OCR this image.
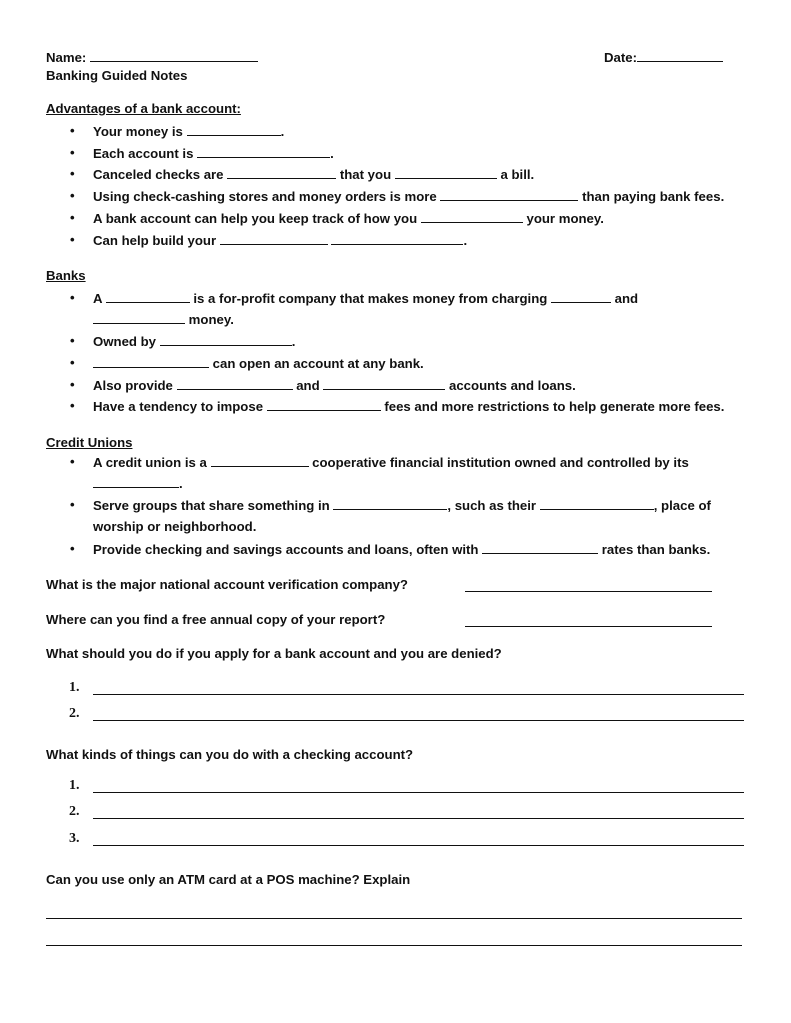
Name:	Date:
Banking Guided Notes
Advantages of a bank account:
• Your money is	.
• Each account is	.
• Canceled checks are	that you	a bill.
• Using check-cashing stores and money orders is more	than paying bank fees.
• A bank account can help you keep track of how you	your money.
• Can help build your	.
Banks
• A	is a for-profit company that makes money from charging	and
money.
• Owned by	.
•	can open an account at any bank.
• Also provide	and	accounts and loans.
• Have a tendency to impose	fees and more restrictions to help generate more fees.
Credit Unions
• A credit union is a	cooperative financial institution owned and controlled by its
.
• Serve groups that share something in	, such as their	, place of
worship or neighborhood.
• Provide checking and savings accounts and loans, often with	rates than banks.
What is the major national account verification company?
Where can you find a free annual copy of your report?
What should you do if you apply for a bank account and you are denied?
1.
2.
What kinds of things can you do with a checking account?
1.
2.
3.
Can you use only an ATM card at a POS machine? Explain
